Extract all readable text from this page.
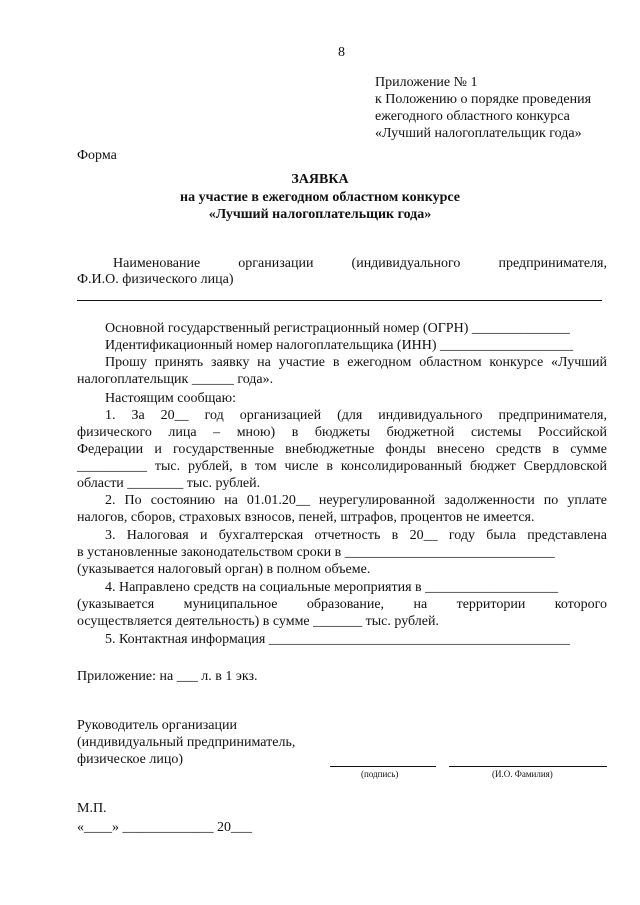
8
Приложение № 1
к Положению о порядке проведения
ежегодного областного конкурса
«Лучший налогоплательщик года»
Форма
ЗАЯВКА
на участие в ежегодном областном конкурсе
«Лучший налогоплательщик года»
Наименование организации (индивидуального предпринимателя,
Ф.И.О. физического лица)
Основной государственный регистрационный номер (ОГРН) ______________
Идентификационный номер налогоплательщика (ИНН) ___________________
Прошу принять заявку на участие в ежегодном областном конкурсе «Лучший
налогоплательщик ______ года».
Настоящим сообщаю:
1. За 20__ год организацией (для индивидуального предпринимателя,
физического лица – мною) в бюджеты бюджетной системы Российской
Федерации и государственные внебюджетные фонды внесено средств в сумме
__________ тыс. рублей, в том числе в консолидированный бюджет Свердловской
области ________ тыс. рублей.
2. По состоянию на 01.01.20__ неурегулированной задолженности по уплате
налогов, сборов, страховых взносов, пеней, штрафов, процентов не имеется.
3. Налоговая и бухгалтерская отчетность в 20__ году была представлена
в установленные законодательством сроки в ______________________________
(указывается налоговый орган) в полном объеме.
4. Направлено средств на социальные мероприятия в ___________________
(указывается муниципальное образование, на территории которого
осуществляется деятельность) в сумме _______ тыс. рублей.
5. Контактная информация ___________________________________________
Приложение: на ___ л. в 1 экз.
Руководитель организации
(индивидуальный предприниматель,
физическое лицо)
(подпись)	(И.О. Фамилия)
М.П.
«____» _____________ 20___
